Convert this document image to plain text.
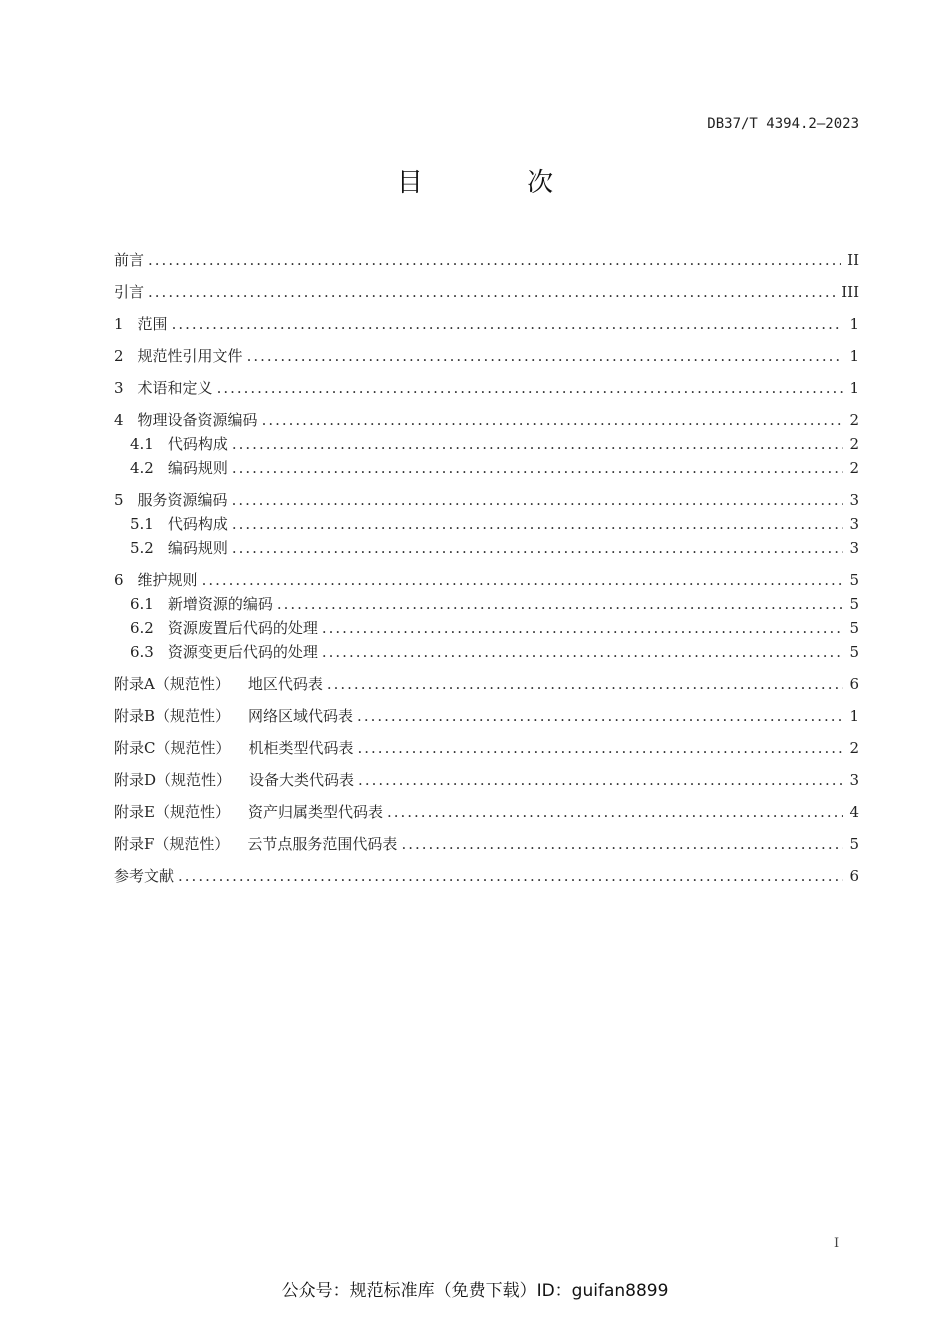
DB37/T 4394.2—2023
目 次
前言 .....	II
引言 .....	III
1 范围 .....	1
2 规范性引用文件 .....	1
3 术语和定义 .....	1
4 物理设备资源编码 .....	2
4.1 代码构成 .....	2
4.2 编码规则 .....	2
5 服务资源编码 .....	3
5.1 代码构成 .....	3
5.2 编码规则 .....	3
6 维护规则 .....	5
6.1 新增资源的编码 .....	5
6.2 资源废置后代码的处理 .....	5
6.3 资源变更后代码的处理 .....	5
附录A（规范性） 地区代码表 .....	6
附录B（规范性） 网络区域代码表 .....	1
附录C（规范性） 机柜类型代码表 .....	2
附录D（规范性） 设备大类代码表 .....	3
附录E（规范性） 资产归属类型代码表 .....	4
附录F（规范性） 云节点服务范围代码表 .....	5
参考文献 .....	6
I
公众号：规范标准库（免费下载）ID：guifan8899
